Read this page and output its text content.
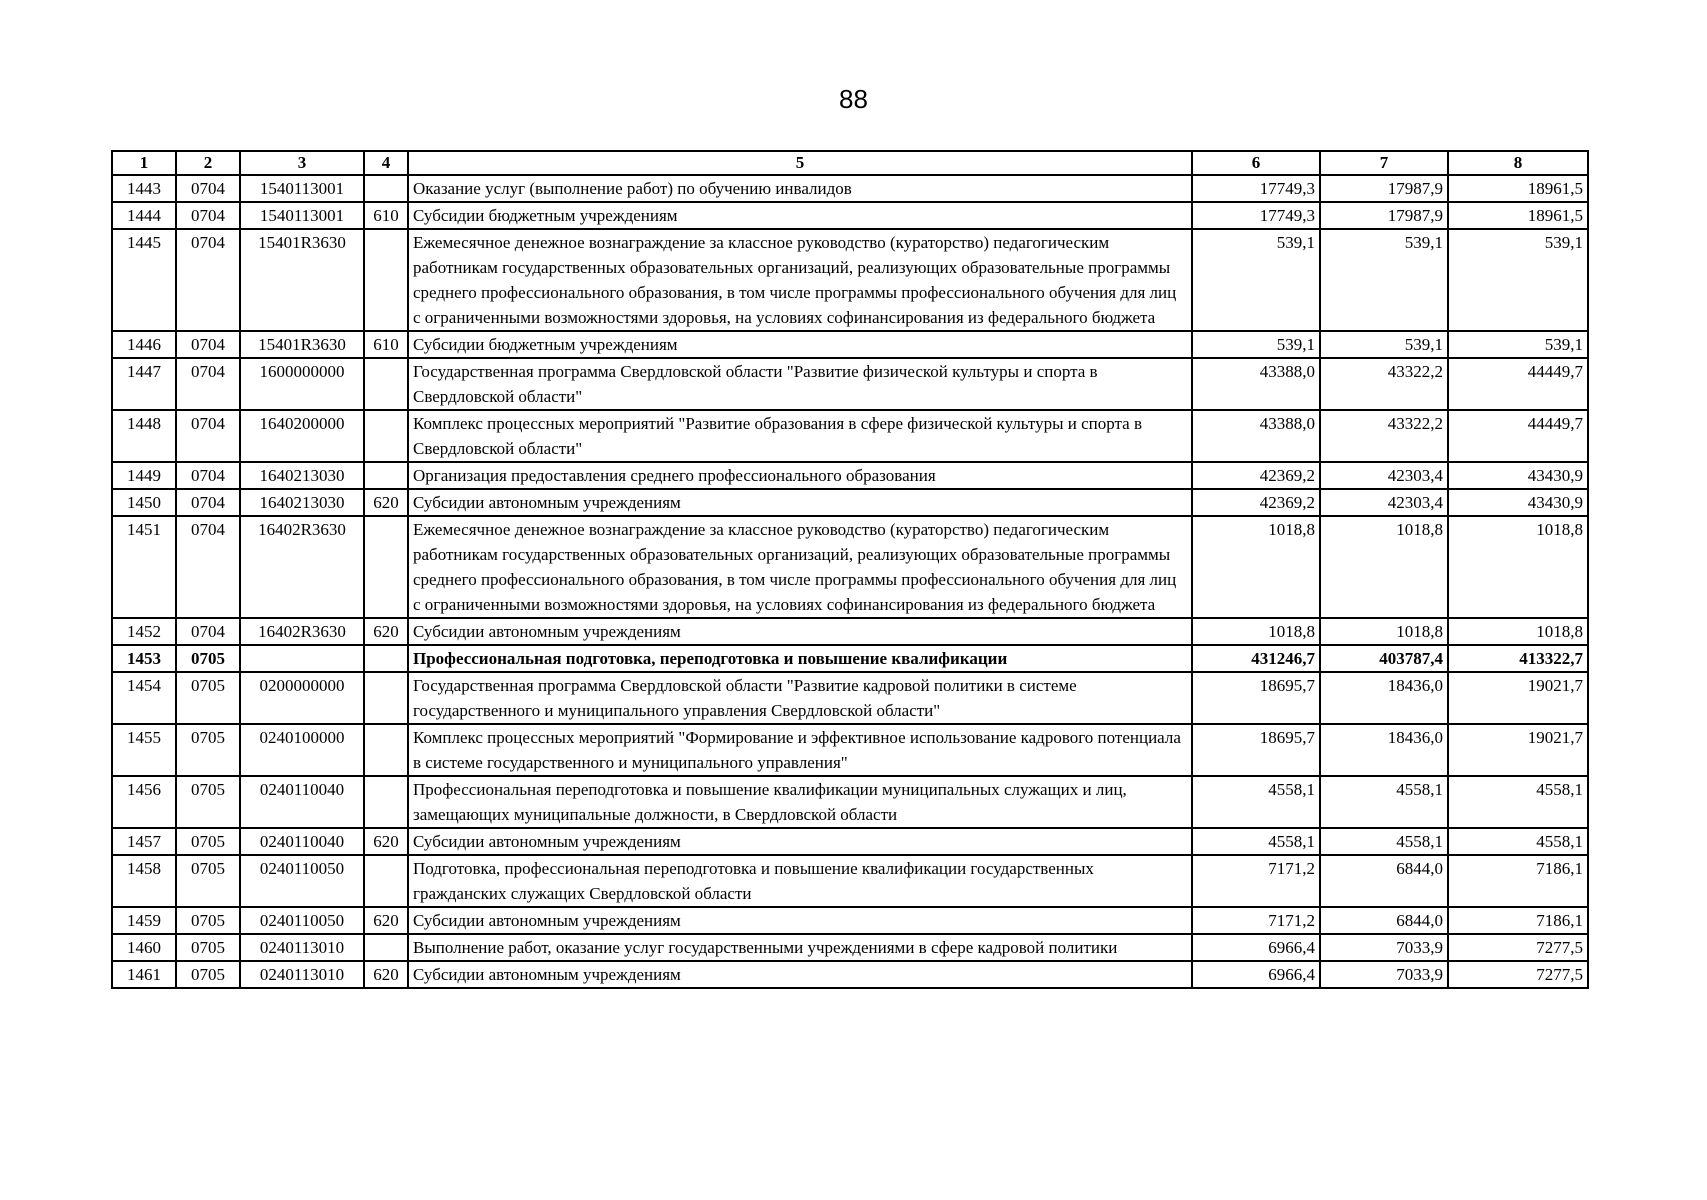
88
1	2	3	4	5	6	7	8
1443	0704	1540113001		Оказание услуг (выполнение работ) по обучению инвалидов	17749,3	17987,9	18961,5
1444	0704	1540113001	610	Субсидии бюджетным учреждениям	17749,3	17987,9	18961,5
1445	0704	15401R3630		Ежемесячное денежное вознаграждение за классное руководство (кураторство) педагогическим работникам государственных образовательных организаций, реализующих образовательные программы среднего профессионального образования, в том числе программы профессионального обучения для лиц с ограниченными возможностями здоровья, на условиях софинансирования из федерального бюджета	539,1	539,1	539,1
1446	0704	15401R3630	610	Субсидии бюджетным учреждениям	539,1	539,1	539,1
1447	0704	1600000000		Государственная программа Свердловской области "Развитие физической культуры и спорта в Свердловской области"	43388,0	43322,2	44449,7
1448	0704	1640200000		Комплекс процессных мероприятий "Развитие образования в сфере физической культуры и спорта в Свердловской области"	43388,0	43322,2	44449,7
1449	0704	1640213030		Организация предоставления среднего профессионального образования	42369,2	42303,4	43430,9
1450	0704	1640213030	620	Субсидии автономным учреждениям	42369,2	42303,4	43430,9
1451	0704	16402R3630		Ежемесячное денежное вознаграждение за классное руководство (кураторство) педагогическим работникам государственных образовательных организаций, реализующих образовательные программы среднего профессионального образования, в том числе программы профессионального обучения для лиц с ограниченными возможностями здоровья, на условиях софинансирования из федерального бюджета	1018,8	1018,8	1018,8
1452	0704	16402R3630	620	Субсидии автономным учреждениям	1018,8	1018,8	1018,8
1453	0705			Профессиональная подготовка, переподготовка и повышение квалификации	431246,7	403787,4	413322,7
1454	0705	0200000000		Государственная программа Свердловской области "Развитие кадровой политики в системе государственного и муниципального управления Свердловской области"	18695,7	18436,0	19021,7
1455	0705	0240100000		Комплекс процессных мероприятий "Формирование и эффективное использование кадрового потенциала в системе государственного и муниципального управления"	18695,7	18436,0	19021,7
1456	0705	0240110040		Профессиональная переподготовка и повышение квалификации муниципальных служащих и лиц, замещающих муниципальные должности, в Свердловской области	4558,1	4558,1	4558,1
1457	0705	0240110040	620	Субсидии автономным учреждениям	4558,1	4558,1	4558,1
1458	0705	0240110050		Подготовка, профессиональная переподготовка и повышение квалификации государственных гражданских служащих Свердловской области	7171,2	6844,0	7186,1
1459	0705	0240110050	620	Субсидии автономным учреждениям	7171,2	6844,0	7186,1
1460	0705	0240113010		Выполнение работ, оказание услуг государственными учреждениями в сфере кадровой политики	6966,4	7033,9	7277,5
1461	0705	0240113010	620	Субсидии автономным учреждениям	6966,4	7033,9	7277,5
